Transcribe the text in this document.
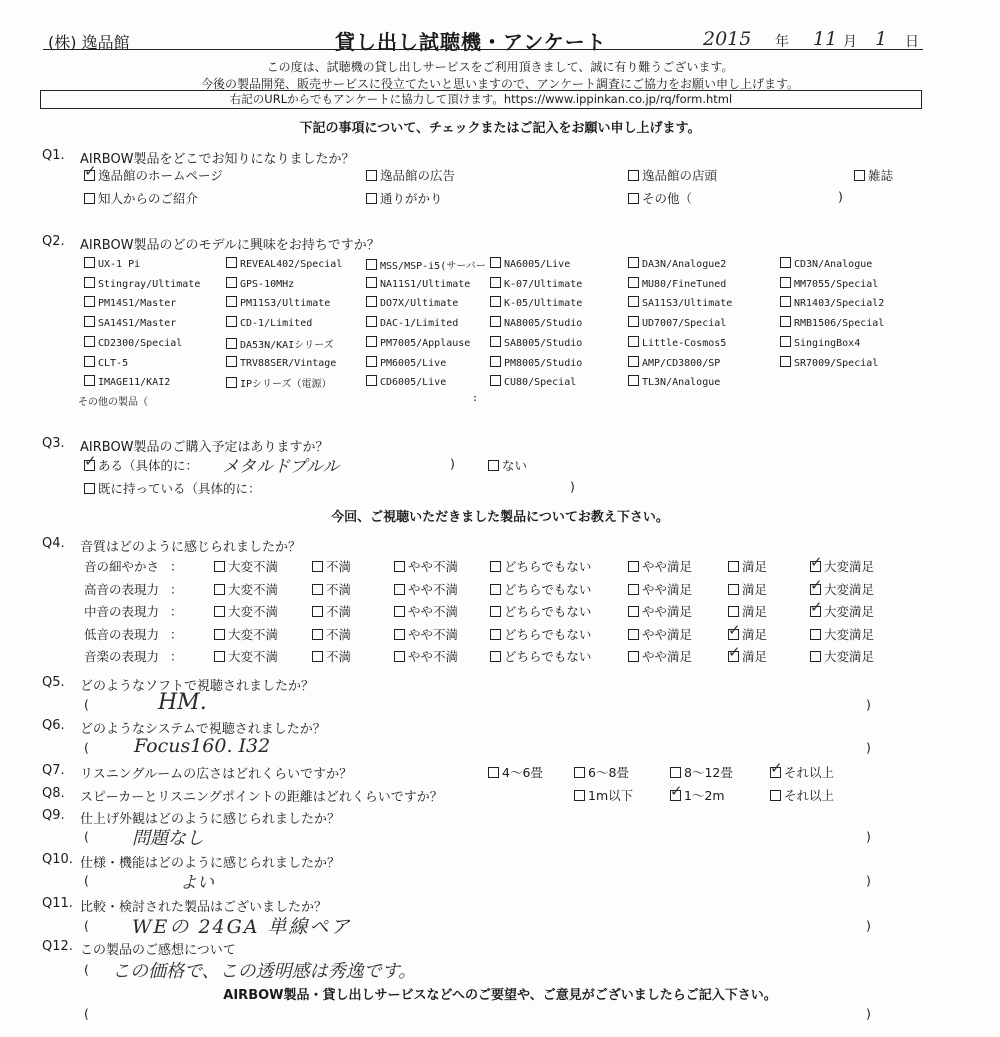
(株) 逸品館	貸し出し試聴機・アンケート	2015 年 11 月 1 日
この度は、試聴機の貸し出しサービスをご利用頂きまして、誠に有り難うございます。
今後の製品開発、販売サービスに役立てたいと思いますので、アンケート調査にご協力をお願い申し上げます。
右記のURLからでもアンケートに協力して頂けます。https://www.ippinkan.co.jp/rq/form.html
下記の事項について、チェックまたはご記入をお願い申し上げます。
Q1. AIRBOW製品をどこでお知りになりましたか？
✓逸品館のホームページ	逸品館の広告	逸品館の店頭	雑誌
知人からのご紹介	通りがかり	その他（	)
Q2. AIRBOW製品のどのモデルに興味をお持ちですか？
UX-1 Pi	REVEAL402/Special	MSS/MSP-i5(サーバー	NA6005/Live	DA3N/Analogue2	CD3N/Analogue
Stingray/Ultimate	GPS-10MHz	NA11S1/Ultimate	K-07/Ultimate	MU80/FineTuned	MM7055/Special
PM14S1/Master	PM11S3/Ultimate	DO7X/Ultimate	K-05/Ultimate	SA11S3/Ultimate	NR1403/Special2
SA14S1/Master	CD-1/Limited	DAC-1/Limited	NA8005/Studio	UD7007/Special	RMB1506/Special
CD2300/Special	DA53N/KAIシリーズ	PM7005/Applause	SA8005/Studio	Little-Cosmos5	SingingBox4
CLT-5	TRV88SER/Vintage	PM6005/Live	PM8005/Studio	AMP/CD3800/SP	SR7009/Special
IMAGE11/KAI2	IPシリーズ（電源）	CD6005/Live	CU80/Special	TL3N/Analogue
その他の製品（	:
Q3. AIRBOW製品のご購入予定はありますか？
✓ある（具体的に： メタルドプルル	)	ない
既に持っている（具体的に：	)
今回、ご視聴いただきました製品についてお教え下さい。
Q4. 音質はどのように感じられましたか？
音の細やかさ ：	大変不満	不満	やや不満	どちらでもない	やや満足	満足 ✓	大変満足
高音の表現力 ：	大変不満	不満	やや不満	どちらでもない	やや満足	満足 ✓	大変満足
中音の表現力 ：	大変不満	不満	やや不満	どちらでもない	やや満足	満足 ✓	大変満足
低音の表現力 ：	大変不満	不満	やや不満	どちらでもない	やや満足 ✓	満足	大変満足
音楽の表現力 ：	大変不満	不満	やや不満	どちらでもない	やや満足 ✓	満足	大変満足
Q5. どのようなソフトで視聴されましたか？
(	HM.	)
Q6. どのようなシステムで視聴されましたか？
( Focus160. I32	)
Q7. リスニングルームの広さはどれくらいですか？	4～6畳	6～8畳	8～12畳 ✓	それ以上
Q8. スピーカーとリスニングポイントの距離はどれくらいですか？	1m以下 ✓	1～2m	それ以上
Q9. 仕上げ外観はどのように感じられましたか？
( 問題なし	)
Q10. 仕様・機能はどのように感じられましたか？
(	よい	)
Q11. 比較・検討された製品はございましたか？
( WEの 24GA 単線ペア	)
Q12. この製品のご感想について
( この価格で、この透明感は秀逸です。
AIRBOW製品・貸し出しサービスなどへのご要望や、ご意見がございましたらご記入下さい。
(	)
